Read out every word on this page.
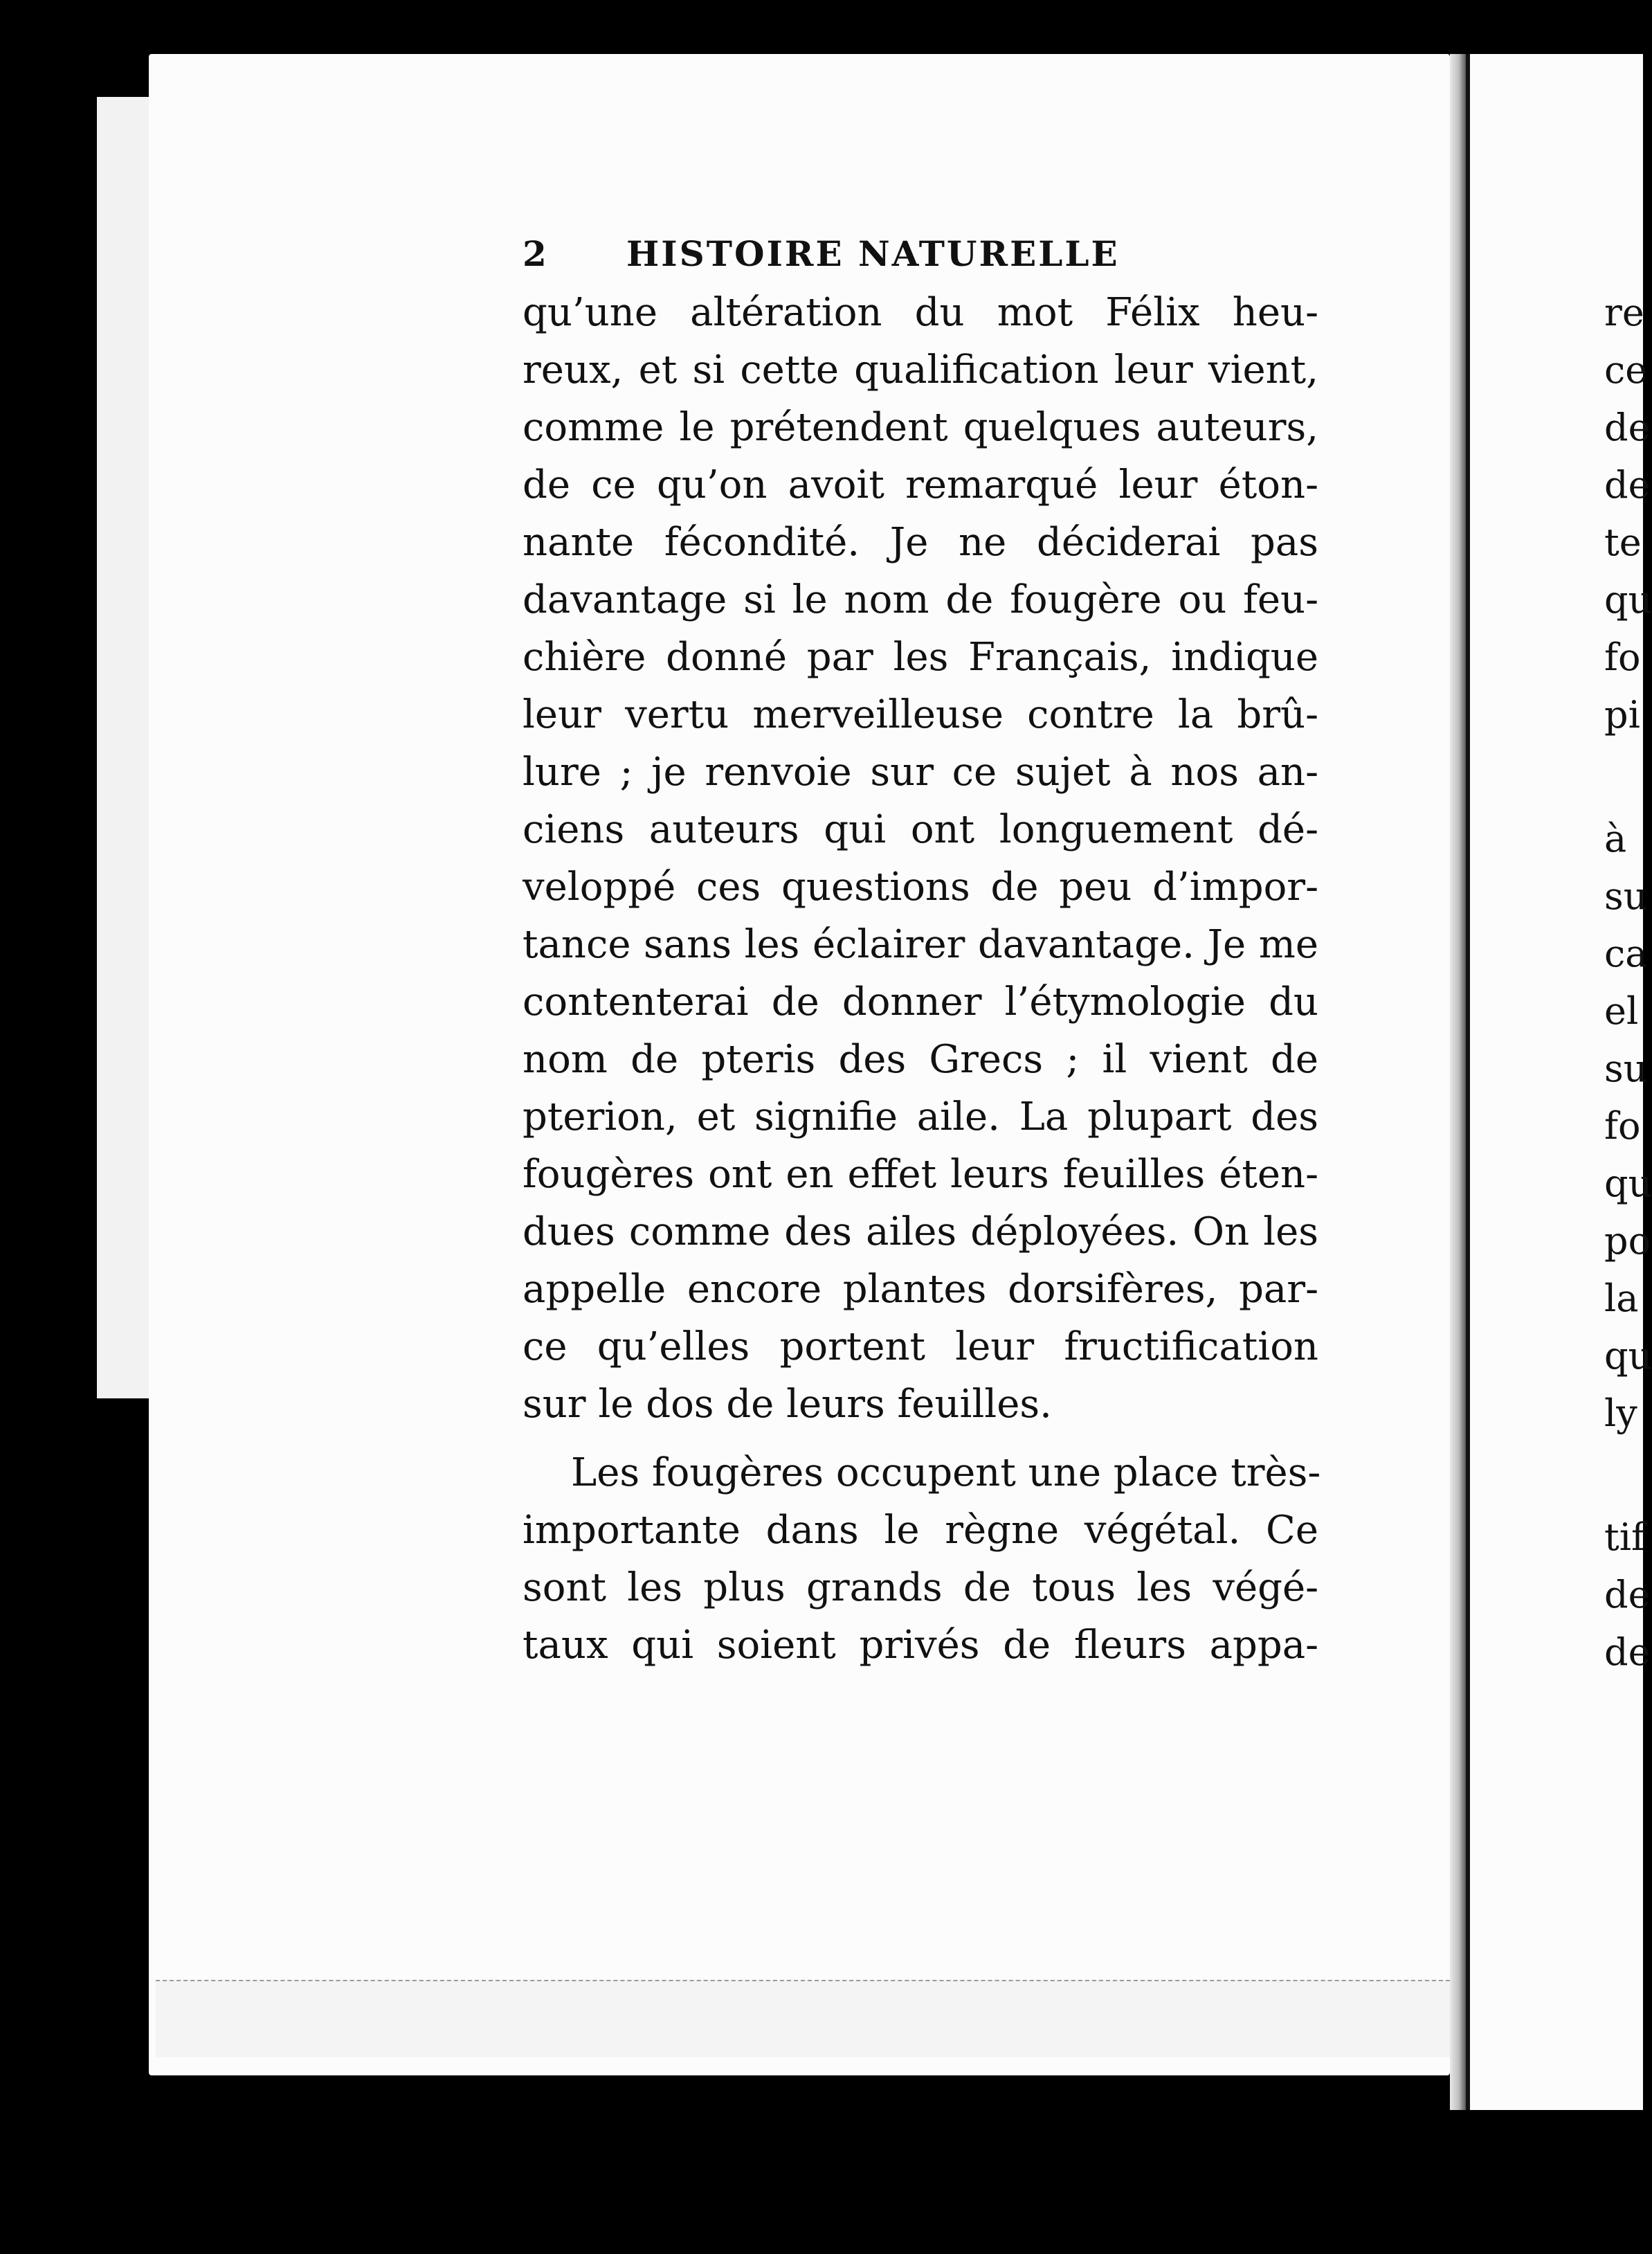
2 HISTOIRE NATURELLE
qu’une altération du mot Félix heu-
reux, et si cette qualification leur vient,
comme le prétendent quelques auteurs,
de ce qu’on avoit remarqué leur éton-
nante fécondité. Je ne déciderai pas
davantage si le nom de fougère ou feu-
chière donné par les Français, indique
leur vertu merveilleuse contre la brû-
lure ; je renvoie sur ce sujet à nos an-
ciens auteurs qui ont longuement dé-
veloppé ces questions de peu d’impor-
tance sans les éclairer davantage. Je me
contenterai de donner l’étymologie du
nom de pteris des Grecs ; il vient de
pterion, et signifie aile. La plupart des
fougères ont en effet leurs feuilles éten-
dues comme des ailes déployées. On les
appelle encore plantes dorsifères, par-
ce qu’elles portent leur fructification
sur le dos de leurs feuilles.
Les fougères occupent une place très-
importante dans le règne végétal. Ce
sont les plus grands de tous les végé-
taux qui soient privés de fleurs appa-
re
ce
de
de
te
qu
fo
pi
à
su
ca
el
su
fo
qu
po
la
qu
ly
tif
de
de
